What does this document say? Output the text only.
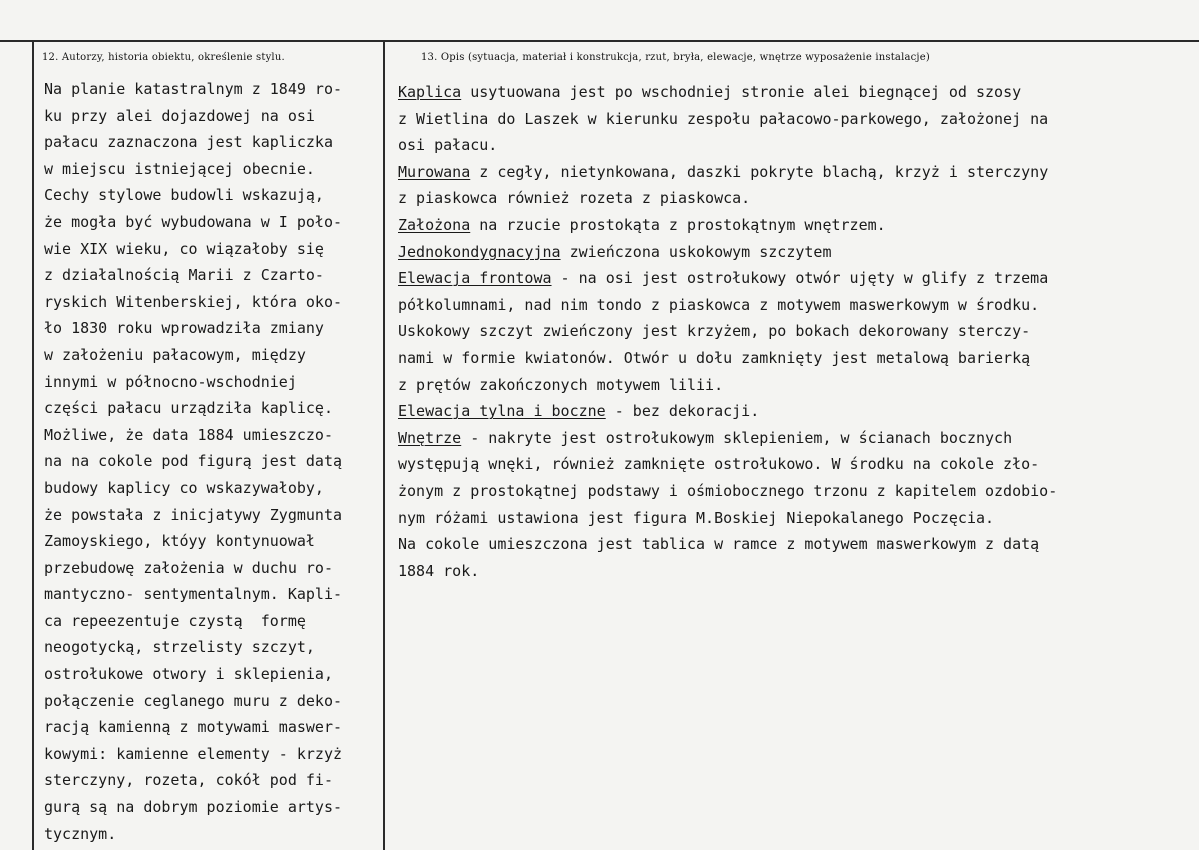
12. Autorzy, historia obiektu, określenie stylu.	13. Opis (sytuacja, materiał i konstrukcja, rzut, bryła, elewacje, wnętrze wyposażenie instalacje)
Na planie katastralnym z 1849 ro-
ku przy alei dojazdowej na osi
pałacu zaznaczona jest kapliczka
w miejscu istniejącej obecnie.
Cechy stylowe budowli wskazują,
że mogła być wybudowana w I poło-
wie XIX wieku, co wiązałoby się
z działalnością Marii z Czarto-
ryskich Witenberskiej, która oko-
ło 1830 roku wprowadziła zmiany
w założeniu pałacowym, między
innymi w północno-wschodniej
części pałacu urządziła kaplicę.
Możliwe, że data 1884 umieszczo-
na na cokole pod figurą jest datą
budowy kaplicy co wskazywałoby,
że powstała z inicjatywy Zygmunta
Zamoyskiego, któyy kontynuował
przebudowę założenia w duchu ro-
mantyczno- sentymentalnym. Kapli-
ca repeezentuje czystą  formę
neogotycką, strzelisty szczyt,
ostrołukowe otwory i sklepienia,
połączenie ceglanego muru z deko-
racją kamienną z motywami maswer-
kowymi: kamienne elementy - krzyż
sterczyny, rozeta, cokół pod fi-
gurą są na dobrym poziomie artys-
tycznym.
Kaplica usytuowana jest po wschodniej stronie alei biegnącej od szosy
z Wietlina do Laszek w kierunku zespołu pałacowo-parkowego, założonej na
osi pałacu.
Murowana z cegły, nietynkowana, daszki pokryte blachą, krzyż i sterczyny
z piaskowca również rozeta z piaskowca.
Założona na rzucie prostokąta z prostokątnym wnętrzem.
Jednokondygnacyjna zwieńczona uskokowym szczytem
Elewacja frontowa - na osi jest ostrołukowy otwór ujęty w glify z trzema
półkolumnami, nad nim tondo z piaskowca z motywem maswerkowym w środku.
Uskokowy szczyt zwieńczony jest krzyżem, po bokach dekorowany sterczy-
nami w formie kwiatonów. Otwór u dołu zamknięty jest metalową barierką
z prętów zakończonych motywem lilii.
Elewacja tylna i boczne - bez dekoracji.
Wnętrze - nakryte jest ostrołukowym sklepieniem, w ścianach bocznych
występują wnęki, również zamknięte ostrołukowo. W środku na cokole zło-
żonym z prostokątnej podstawy i ośmiobocznego trzonu z kapitelem ozdobio-
nym różami ustawiona jest figura M.Boskiej Niepokalanego Poczęcia.
Na cokole umieszczona jest tablica w ramce z motywem maswerkowym z datą
1884 rok.
